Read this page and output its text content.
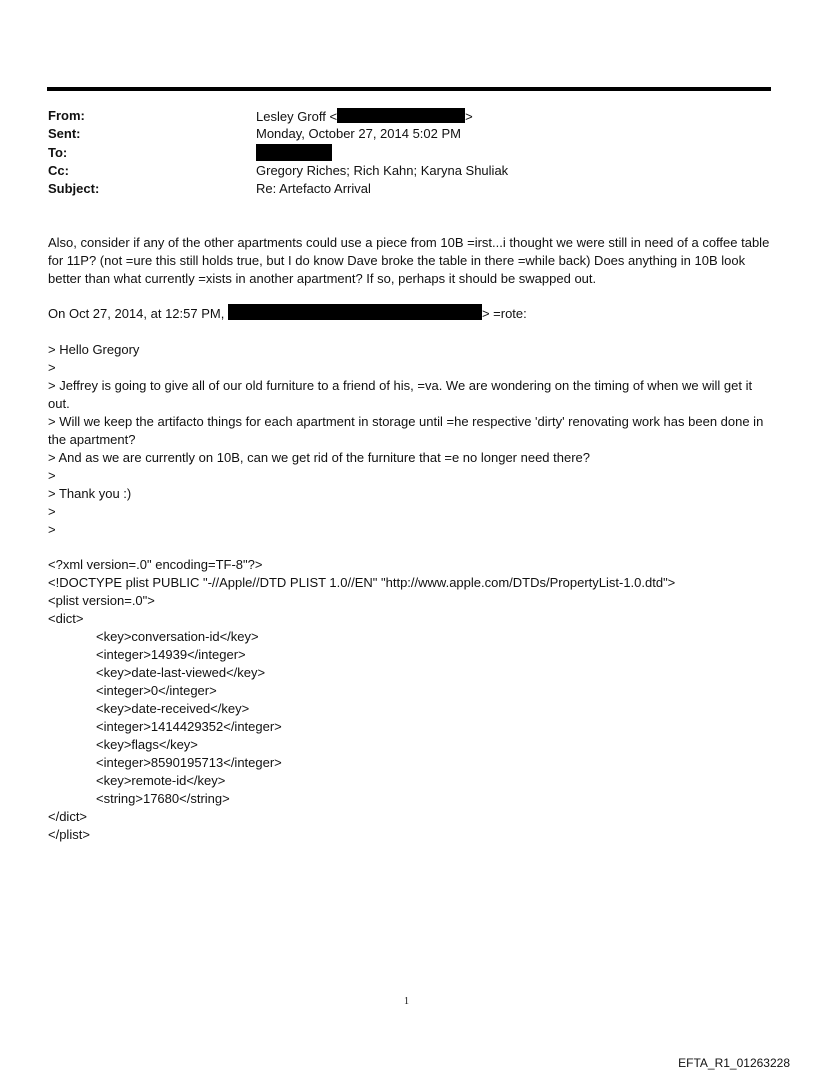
From:	Lesley Groff <	>
Sent:	Monday, October 27, 2014 5:02 PM
To:
Cc:	Gregory Riches; Rich Kahn; Karyna Shuliak
Subject:	Re: Artefacto Arrival

Also, consider if any of the other apartments could use a piece from 10B =irst...i thought we were still in need of a coffee table for 11P? (not =ure this still holds true, but I do know Dave broke the table in there =while back) Does anything in 10B look better than what currently =xists in another apartment? If so, perhaps it should be swapped out.

On Oct 27, 2014, at 12:57 PM,	> =rote:

> Hello Gregory

>

> Jeffrey is going to give all of our old furniture to a friend of his, =va. We are wondering on the timing of when we will get it out.

> Will we keep the artifacto things for each apartment in storage until =he respective 'dirty' renovating work has been done in the apartment?

> And as we are currently on 10B, can we get rid of the furniture that =e no longer need there?

>

> Thank you :)

>

>

<?xml version=.0" encoding=TF-8"?>
<!DOCTYPE plist PUBLIC "-//Apple//DTD PLIST 1.0//EN" "http://www.apple.com/DTDs/PropertyList-1.0.dtd">
<plist version=.0">
<dict>
<key>conversation-id</key>
<integer>14939</integer>
<key>date-last-viewed</key>
<integer>0</integer>
<key>date-received</key>
<integer>1414429352</integer>
<key>flags</key>
<integer>8590195713</integer>
<key>remote-id</key>
<string>17680</string>
</dict>
</plist>
1
EFTA_R1_01263228
